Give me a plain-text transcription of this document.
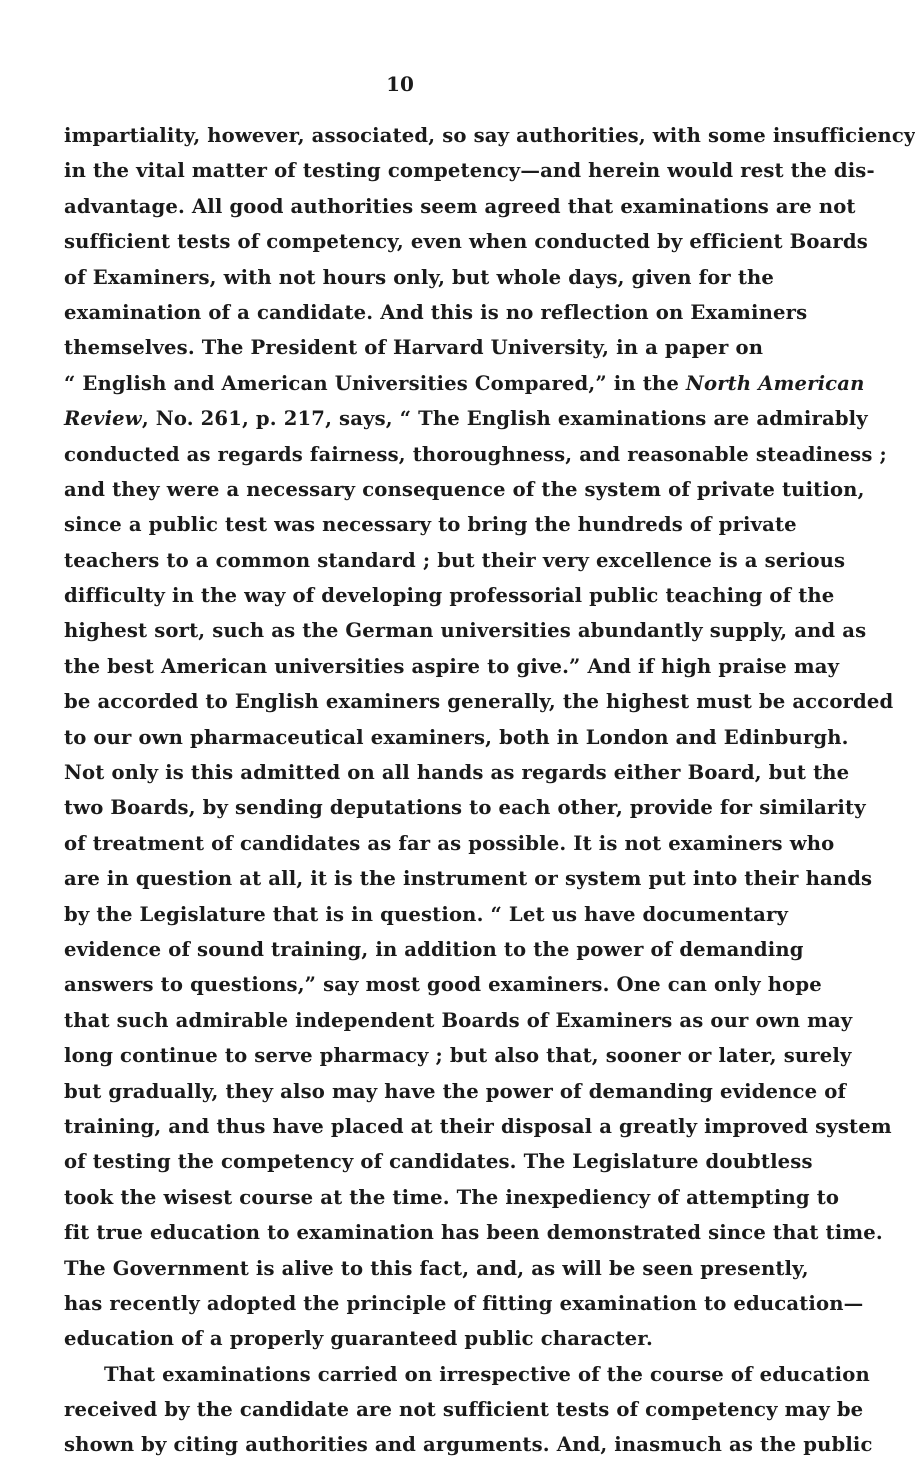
10
impartiality, however, associated, so say authorities, with some insufficiency
in the vital matter of testing competency—and herein would rest the dis-
advantage. All good authorities seem agreed that examinations are not
sufficient tests of competency, even when conducted by efficient Boards
of Examiners, with not hours only, but whole days, given for the
examination of a candidate. And this is no reflection on Examiners
themselves. The President of Harvard University, in a paper on
“ English and American Universities Compared,” in the North American
Review, No. 261, p. 217, says, “ The English examinations are admirably
conducted as regards fairness, thoroughness, and reasonable steadiness ;
and they were a necessary consequence of the system of private tuition,
since a public test was necessary to bring the hundreds of private
teachers to a common standard ; but their very excellence is a serious
difficulty in the way of developing professorial public teaching of the
highest sort, such as the German universities abundantly supply, and as
the best American universities aspire to give.” And if high praise may
be accorded to English examiners generally, the highest must be accorded
to our own pharmaceutical examiners, both in London and Edinburgh.
Not only is this admitted on all hands as regards either Board, but the
two Boards, by sending deputations to each other, provide for similarity
of treatment of candidates as far as possible. It is not examiners who
are in question at all, it is the instrument or system put into their hands
by the Legislature that is in question. “ Let us have documentary
evidence of sound training, in addition to the power of demanding
answers to questions,” say most good examiners. One can only hope
that such admirable independent Boards of Examiners as our own may
long continue to serve pharmacy ; but also that, sooner or later, surely
but gradually, they also may have the power of demanding evidence of
training, and thus have placed at their disposal a greatly improved system
of testing the competency of candidates. The Legislature doubtless
took the wisest course at the time. The inexpediency of attempting to
fit true education to examination has been demonstrated since that time.
The Government is alive to this fact, and, as will be seen presently,
has recently adopted the principle of fitting examination to education—
education of a properly guaranteed public character.
That examinations carried on irrespective of the course of education
received by the candidate are not sufficient tests of competency may be
shown by citing authorities and arguments. And, inasmuch as the public
